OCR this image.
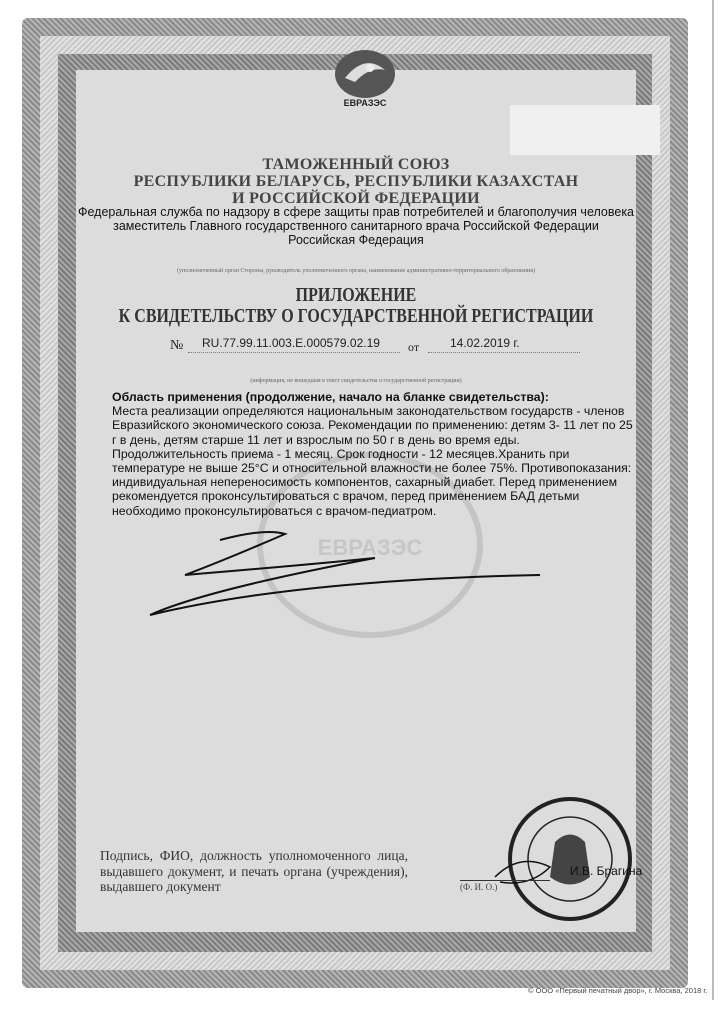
ЕВРАЗЭС
ЕВРАЗЭС
ТАМОЖЕННЫЙ СОЮЗ
РЕСПУБЛИКИ БЕЛАРУСЬ, РЕСПУБЛИКИ КАЗАХСТАН
И РОССИЙСКОЙ ФЕДЕРАЦИИ
Федеральная служба по надзору в сфере защиты прав потребителей и благополучия человека
заместитель Главного государственного санитарного врача Российской Федерации
Российская Федерация
(уполномоченный орган Стороны, руководитель уполномоченного органа, наименование административно-территориального образования)
ПРИЛОЖЕНИЕ
К СВИДЕТЕЛЬСТВУ О ГОСУДАРСТВЕННОЙ РЕГИСТРАЦИИ
№ RU.77.99.11.003.E.000579.02.19 от	14.02.2019 г.
(информация, не вошедшая в текст свидетельства о государственной регистрации)
Область применения (продолжение, начало на бланке свидетельства):
Места реализации определяются национальным законодательством государств - членов Евразийского экономического союза. Рекомендации по применению: детям 3- 11 лет по 25 г в день, детям старше 11 лет и взрослым по 50 г в день во время еды. Продолжительность приема - 1 месяц. Срок годности - 12 месяцев.Хранить при температуре не выше 25°С и относительной влажности не более 75%. Противопоказания: индивидуальная непереносимость компонентов, сахарный диабет. Перед применением рекомендуется проконсультироваться с врачом, перед применением БАД детьми необходимо проконсультироваться с врачом-педиатром.
Подпись, ФИО, должность уполномоченного лица, выдавшего документ, и печать органа (учреждения), выдавшего документ
И.В. Брагина
(Ф. И. О.)
© ООО «Первый печатный двор», г. Москва, 2018 г.
